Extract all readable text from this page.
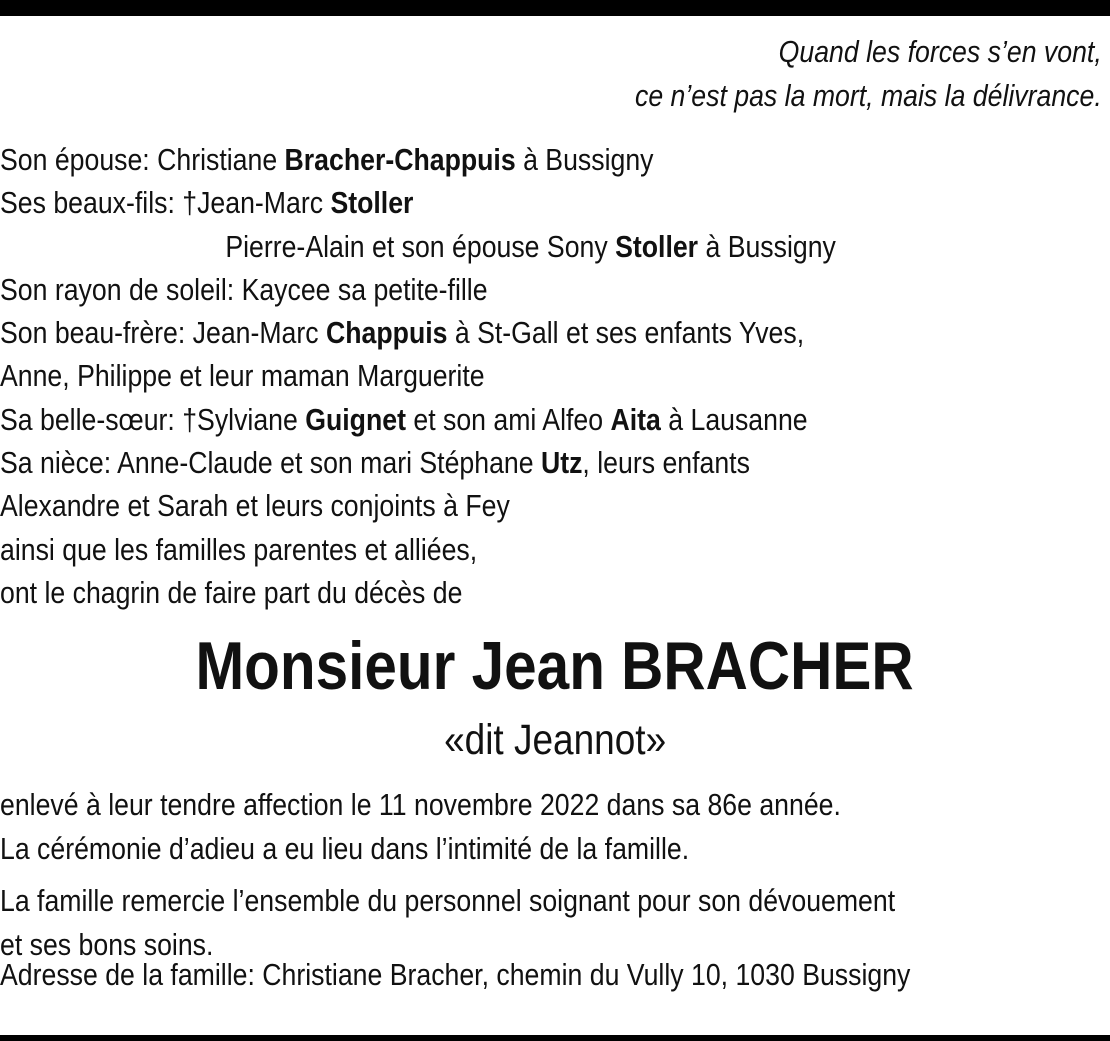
Quand les forces s’en vont,
ce n’est pas la mort, mais la délivrance.
Son épouse: Christiane Bracher-Chappuis à Bussigny
Ses beaux-fils: †Jean-Marc Stoller
Pierre-Alain et son épouse Sony Stoller à Bussigny
Son rayon de soleil: Kaycee sa petite-fille
Son beau-frère: Jean-Marc Chappuis à St-Gall et ses enfants Yves,
Anne, Philippe et leur maman Marguerite
Sa belle-sœur: †Sylviane Guignet et son ami Alfeo Aita à Lausanne
Sa nièce: Anne-Claude et son mari Stéphane Utz, leurs enfants
Alexandre et Sarah et leurs conjoints à Fey
ainsi que les familles parentes et alliées,
ont le chagrin de faire part du décès de
Monsieur Jean BRACHER
«dit Jeannot»
enlevé à leur tendre affection le 11 novembre 2022 dans sa 86e année.
La cérémonie d’adieu a eu lieu dans l’intimité de la famille.
La famille remercie l’ensemble du personnel soignant pour son dévouement
et ses bons soins.
Adresse de la famille: Christiane Bracher, chemin du Vully 10, 1030 Bussigny
